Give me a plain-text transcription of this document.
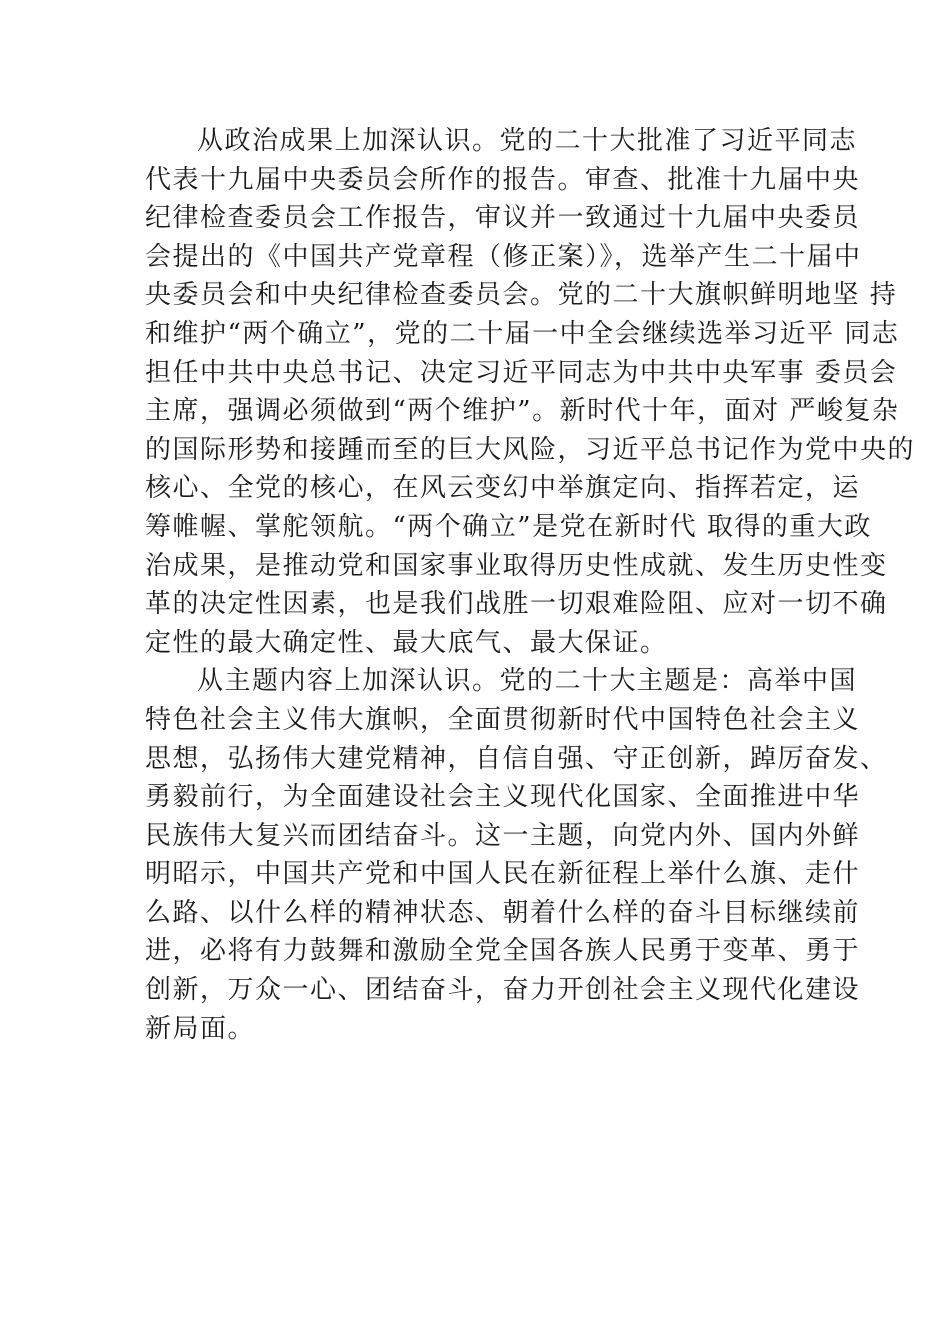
从政治成果上加深认识。党的二十大批准了习近平同志
代表十九届中央委员会所作的报告。审查、批准十九届中央
纪律检查委员会工作报告，审议并一致通过十九届中央委员
会提出的《中国共产党章程（修正案）》，选举产生二十届中
央委员会和中央纪律检查委员会。党的二十大旗帜鲜明地坚 持
和维护“两个确立”，党的二十届一中全会继续选举习近平 同志
担任中共中央总书记、决定习近平同志为中共中央军事 委员会
主席，强调必须做到“两个维护”。新时代十年，面对 严峻复杂
的国际形势和接踵而至的巨大风险，习近平总书记作为党中央的
核心、全党的核心，在风云变幻中举旗定向、指挥若定，运
筹帷幄、掌舵领航。“两个确立”是党在新时代 取得的重大政
治成果，是推动党和国家事业取得历史性成就、发生历史性变
革的决定性因素，也是我们战胜一切艰难险阻、应对一切不确
定性的最大确定性、最大底气、最大保证。
从主题内容上加深认识。党的二十大主题是：高举中国
特色社会主义伟大旗帜，全面贯彻新时代中国特色社会主义
思想，弘扬伟大建党精神，自信自强、守正创新，踔厉奋发、
勇毅前行，为全面建设社会主义现代化国家、全面推进中华
民族伟大复兴而团结奋斗。这一主题，向党内外、国内外鲜
明昭示，中国共产党和中国人民在新征程上举什么旗、走什
么路、以什么样的精神状态、朝着什么样的奋斗目标继续前
进，必将有力鼓舞和激励全党全国各族人民勇于变革、勇于
创新，万众一心、团结奋斗，奋力开创社会主义现代化建设
新局面。
